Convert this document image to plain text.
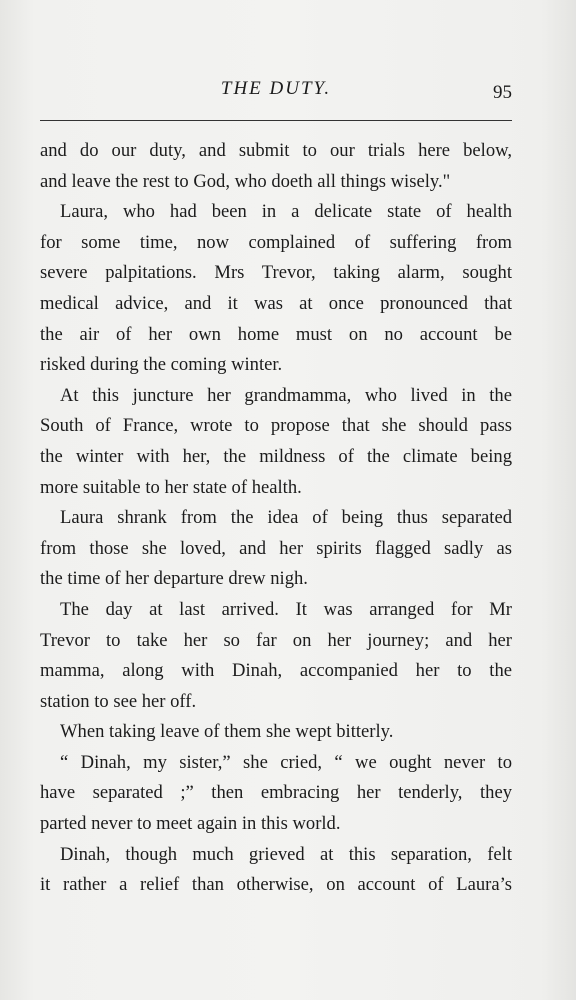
THE DUTY.	95
and do our duty, and submit to our trials here below,
and leave the rest to God, who doeth all things wisely."
Laura, who had been in a delicate state of health
for some time, now complained of suffering from
severe palpitations. Mrs Trevor, taking alarm, sought
medical advice, and it was at once pronounced that
the air of her own home must on no account be
risked during the coming winter.
At this juncture her grandmamma, who lived in the
South of France, wrote to propose that she should pass
the winter with her, the mildness of the climate being
more suitable to her state of health.
Laura shrank from the idea of being thus separated
from those she loved, and her spirits flagged sadly as
the time of her departure drew nigh.
The day at last arrived. It was arranged for Mr
Trevor to take her so far on her journey; and her
mamma, along with Dinah, accompanied her to the
station to see her off.
When taking leave of them she wept bitterly.
“ Dinah, my sister,” she cried, “ we ought never to
have separated ;” then embracing her tenderly, they
parted never to meet again in this world.
Dinah, though much grieved at this separation, felt
it rather a relief than otherwise, on account of Laura’s
